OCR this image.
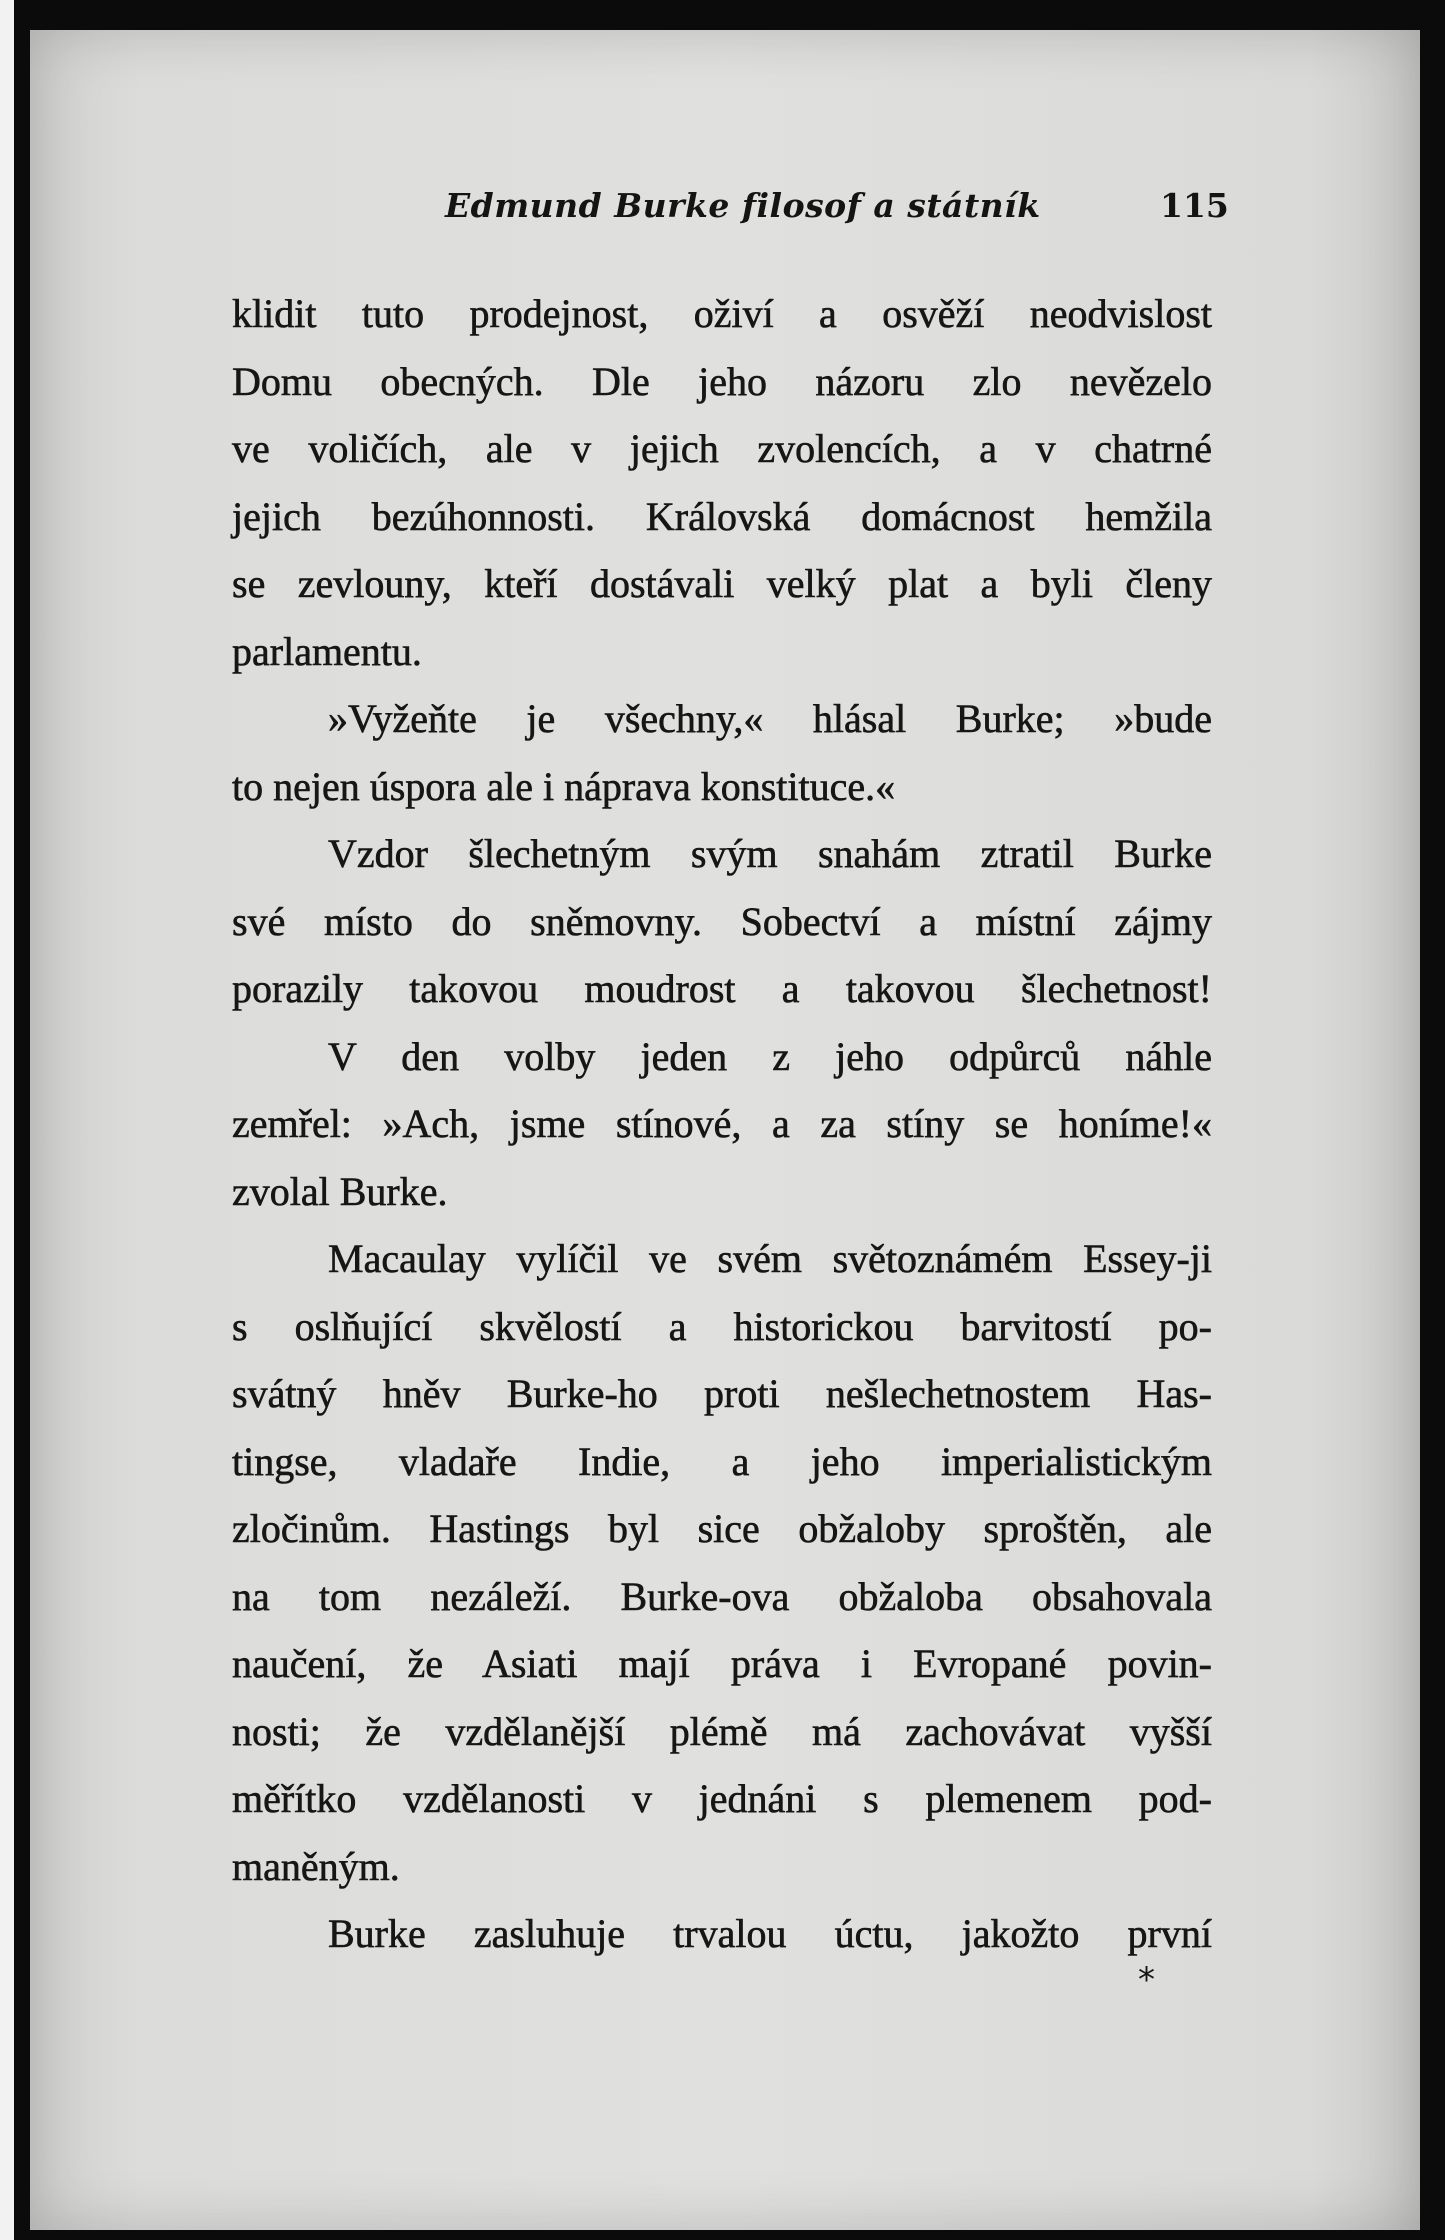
Edmund Burke filosof a státník	115
klidit tuto prodejnost, oživí a osvěží neodvislost
Domu obecných. Dle jeho názoru zlo nevězelo
ve voličích, ale v jejich zvolencích, a v chatrné
jejich bezúhonnosti. Královská domácnost hemžila
se zevlouny, kteří dostávali velký plat a byli členy
parlamentu.
»Vyžeňte je všechny,« hlásal Burke; »bude
to nejen úspora ale i náprava konstituce.«
Vzdor šlechetným svým snahám ztratil Burke
své místo do sněmovny. Sobectví a místní zájmy
porazily takovou moudrost a takovou šlechetnost!
V den volby jeden z jeho odpůrců náhle
zemřel: »Ach, jsme stínové, a za stíny se honíme!«
zvolal Burke.
Macaulay vylíčil ve svém světoznámém Essey-ji
s oslňující skvělostí a historickou barvitostí po-
svátný hněv Burke-ho proti nešlechetnostem Has-
tingse, vladaře Indie, a jeho imperialistickým
zločinům. Hastings byl sice obžaloby sproštěn, ale
na tom nezáleží. Burke-ova obžaloba obsahovala
naučení, že Asiati mají práva i Evropané povin-
nosti; že vzdělanější plémě má zachovávat vyšší
měřítko vzdělanosti v jednáni s plemenem pod-
maněným.
Burke zasluhuje trvalou úctu, jakožto první
*
